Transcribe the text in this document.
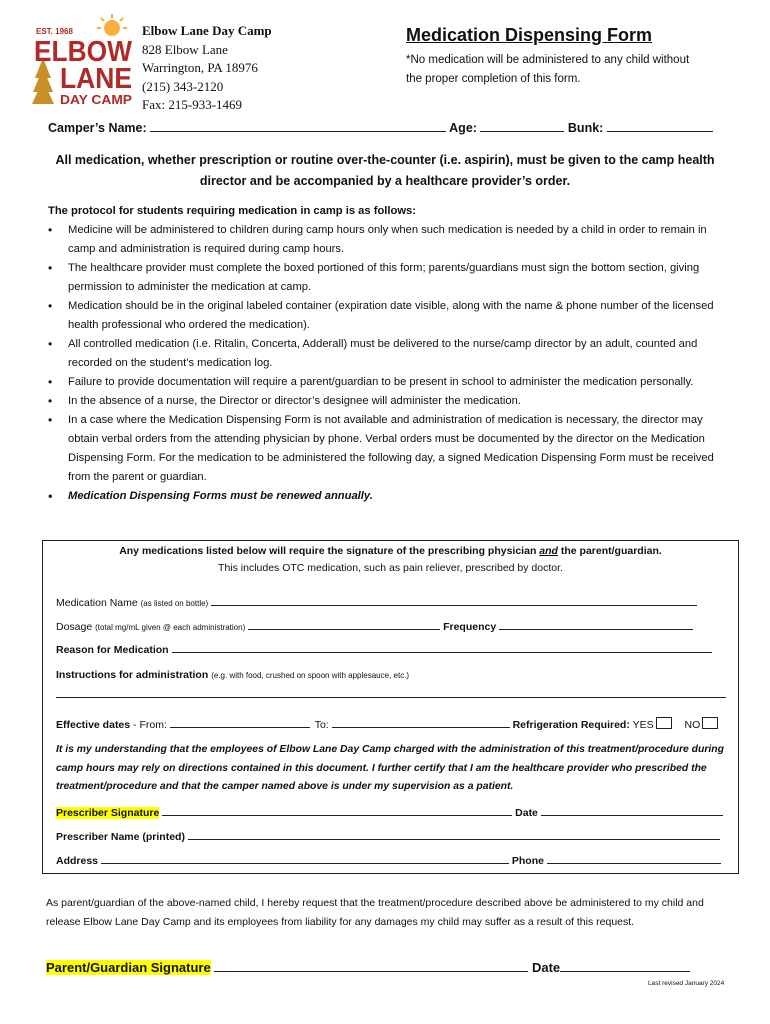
EST. 1968
ELBOW
LANE
DAY CAMP
Elbow Lane Day Camp
828 Elbow Lane
Warrington, PA 18976
(215) 343-2120
Fax: 215-933-1469
Medication Dispensing Form
*No medication will be administered to any child without the proper completion of this form.
Camper’s Name:	Age:	Bunk:
All medication, whether prescription or routine over-the-counter (i.e. aspirin), must be given to the camp health director and be accompanied by a healthcare provider’s order.
The protocol for students requiring medication in camp is as follows:
• Medicine will be administered to children during camp hours only when such medication is needed by a child in order to remain in camp and administration is required during camp hours.
• The healthcare provider must complete the boxed portioned of this form; parents/guardians must sign the bottom section, giving permission to administer the medication at camp.
• Medication should be in the original labeled container (expiration date visible, along with the name & phone number of the licensed health professional who ordered the medication).
• All controlled medication (i.e. Ritalin, Concerta, Adderall) must be delivered to the nurse/camp director by an adult, counted and recorded on the student’s medication log.
• Failure to provide documentation will require a parent/guardian to be present in school to administer the medication personally.
• In the absence of a nurse, the Director or director’s designee will administer the medication.
• In a case where the Medication Dispensing Form is not available and administration of medication is necessary, the director may obtain verbal orders from the attending physician by phone. Verbal orders must be documented by the director on the Medication Dispensing Form. For the medication to be administered the following day, a signed Medication Dispensing Form must be received from the parent or guardian.
• Medication Dispensing Forms must be renewed annually.
Any medications listed below will require the signature of the prescribing physician and the parent/guardian.
This includes OTC medication, such as pain reliever, prescribed by doctor.
Medication Name (as listed on bottle)
Dosage (total mg/mL given @ each administration)	Frequency
Reason for Medication
Instructions for administration (e.g. with food, crushed on spoon with applesauce, etc.)
Effective dates - From:	To:	Refrigeration Required: YES	NO
It is my understanding that the employees of Elbow Lane Day Camp charged with the administration of this treatment/procedure during camp hours may rely on directions contained in this document. I further certify that I am the healthcare provider who prescribed the treatment/procedure and that the camper named above is under my supervision as a patient.
Prescriber Signature	Date
Prescriber Name (printed)
Address	Phone
As parent/guardian of the above-named child, I hereby request that the treatment/procedure described above be administered to my child and release Elbow Lane Day Camp and its employees from liability for any damages my child may suffer as a result of this request.
Parent/Guardian Signature	Date
Last revised January 2024
